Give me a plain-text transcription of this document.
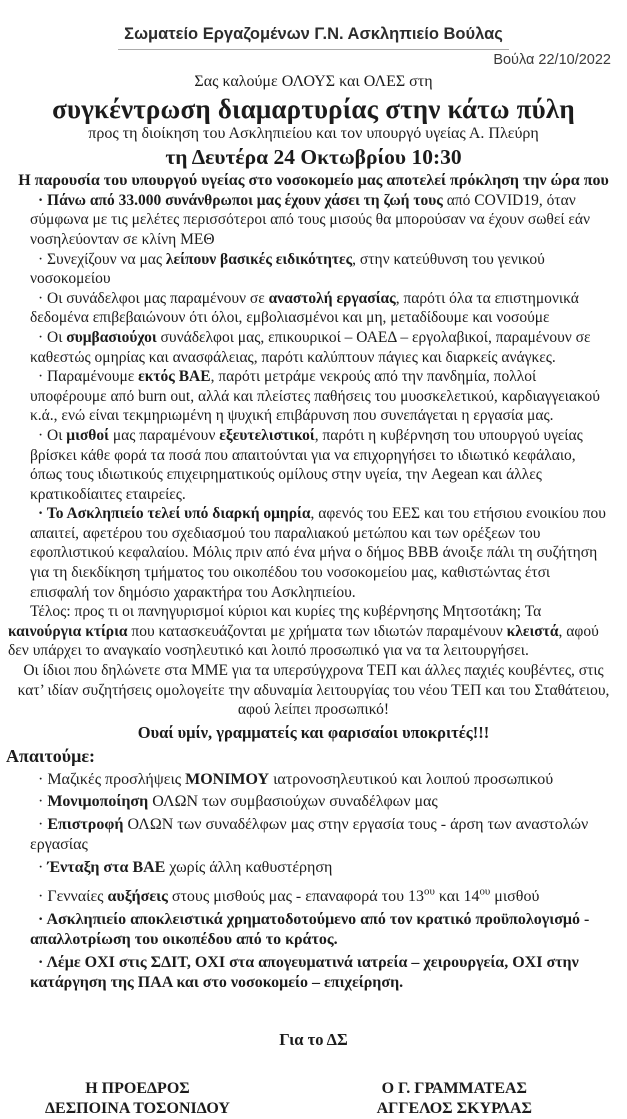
Σωματείο Εργαζομένων Γ.Ν. Ασκληπιείο Βούλας

Βούλα 22/10/2022

Σας καλούμε ΟΛΟΥΣ και ΟΛΕΣ στη

συγκέντρωση διαμαρτυρίας στην κάτω πύλη

προς τη διοίκηση του Ασκληπιείου και τον υπουργό υγείας Α. Πλεύρη

τη Δευτέρα 24 Οκτωβρίου 10:30

Η παρουσία του υπουργού υγείας στο νοσοκομείο μας αποτελεί πρόκληση την ώρα που

· Πάνω από 33.000 συνάνθρωποι μας έχουν χάσει τη ζωή τους από COVID19, όταν σύμφωνα με τις μελέτες περισσότεροι από τους μισούς θα μπορούσαν να έχουν σωθεί εάν νοσηλεύονταν σε κλίνη ΜΕΘ

· Συνεχίζουν να μας λείπουν βασικές ειδικότητες, στην κατεύθυνση του γενικού νοσοκομείου

· Οι συνάδελφοι μας παραμένουν σε αναστολή εργασίας, παρότι όλα τα επιστημονικά δεδομένα επιβεβαιώνουν ότι όλοι, εμβολιασμένοι και μη, μεταδίδουμε και νοσούμε

· Οι συμβασιούχοι συνάδελφοι μας, επικουρικοί – ΟΑΕΔ – εργολαβικοί, παραμένουν σε καθεστώς ομηρίας και ανασφάλειας, παρότι καλύπτουν πάγιες και διαρκείς ανάγκες.

· Παραμένουμε εκτός ΒΑΕ, παρότι μετράμε νεκρούς από την πανδημία, πολλοί υποφέρουμε από burn out, αλλά και πλείστες παθήσεις του μυοσκελετικού, καρδιαγγειακού κ.ά., ενώ είναι τεκμηριωμένη η ψυχική επιβάρυνση που συνεπάγεται η εργασία μας.

· Οι μισθοί μας παραμένουν εξευτελιστικοί, παρότι η κυβέρνηση του υπουργού υγείας βρίσκει κάθε φορά τα ποσά που απαιτούνται για να επιχορηγήσει το ιδιωτικό κεφάλαιο, όπως τους ιδιωτικούς επιχειρηματικούς ομίλους στην υγεία, την Aegean και άλλες κρατικοδίαιτες εταιρείες.

· Το Ασκληπιείο τελεί υπό διαρκή ομηρία, αφενός του ΕΕΣ και του ετήσιου ενοικίου που απαιτεί, αφετέρου του σχεδιασμού του παραλιακού μετώπου και των ορέξεων του εφοπλιστικού κεφαλαίου. Μόλις πριν από ένα μήνα ο δήμος ΒΒΒ άνοιξε πάλι τη συζήτηση για τη διεκδίκηση τμήματος του οικοπέδου του νοσοκομείου μας, καθιστώντας έτσι επισφαλή τον δημόσιο χαρακτήρα του Ασκληπιείου.

Τέλος: προς τι οι πανηγυρισμοί κύριοι και κυρίες της κυβέρνησης Μητσοτάκη; Τα καινούργια κτίρια που κατασκευάζονται με χρήματα των ιδιωτών παραμένουν κλειστά, αφού δεν υπάρχει το αναγκαίο νοσηλευτικό και λοιπό προσωπικό για να τα λειτουργήσει.

Οι ίδιοι που δηλώνετε στα ΜΜΕ για τα υπερσύγχρονα ΤΕΠ και άλλες παχιές κουβέντες, στις κατ’ ιδίαν συζητήσεις ομολογείτε την αδυναμία λειτουργίας του νέου ΤΕΠ και του Σταθάτειου, αφού λείπει προσωπικό!

Ουαί υμίν, γραμματείς και φαρισαίοι υποκριτές!!!

Απαιτούμε:

· Μαζικές προσλήψεις ΜΟΝΙΜΟΥ ιατρονοσηλευτικού και λοιπού προσωπικού

· Μονιμοποίηση ΟΛΩΝ των συμβασιούχων συναδέλφων μας

· Επιστροφή ΟΛΩΝ των συναδέλφων μας στην εργασία τους - άρση των αναστολών εργασίας

· Ένταξη στα ΒΑΕ χωρίς άλλη καθυστέρηση

· Γενναίες αυξήσεις στους μισθούς μας - επαναφορά του $13^{o\upsilon}$ και $14^{o\upsilon}$ μισθού

· Ασκληπιείο αποκλειστικά χρηματοδοτούμενο από τον κρατικό προϋπολογισμό - απαλλοτρίωση του οικοπέδου από το κράτος.

· Λέμε ΟΧΙ στις ΣΔΙΤ, ΟΧΙ στα απογευματινά ιατρεία – χειρουργεία, ΟΧΙ στην κατάργηση της ΠΑΑ και στο νοσοκομείο – επιχείρηση.

Για το ΔΣ

Η ΠΡΟΕΔΡΟΣ

ΔΕΣΠΟΙΝΑ ΤΟΣΟΝΙΔΟΥ

Ο Γ. ΓΡΑΜΜΑΤΕΑΣ

ΑΓΓΕΛΟΣ ΣΚΥΡΛΑΣ
